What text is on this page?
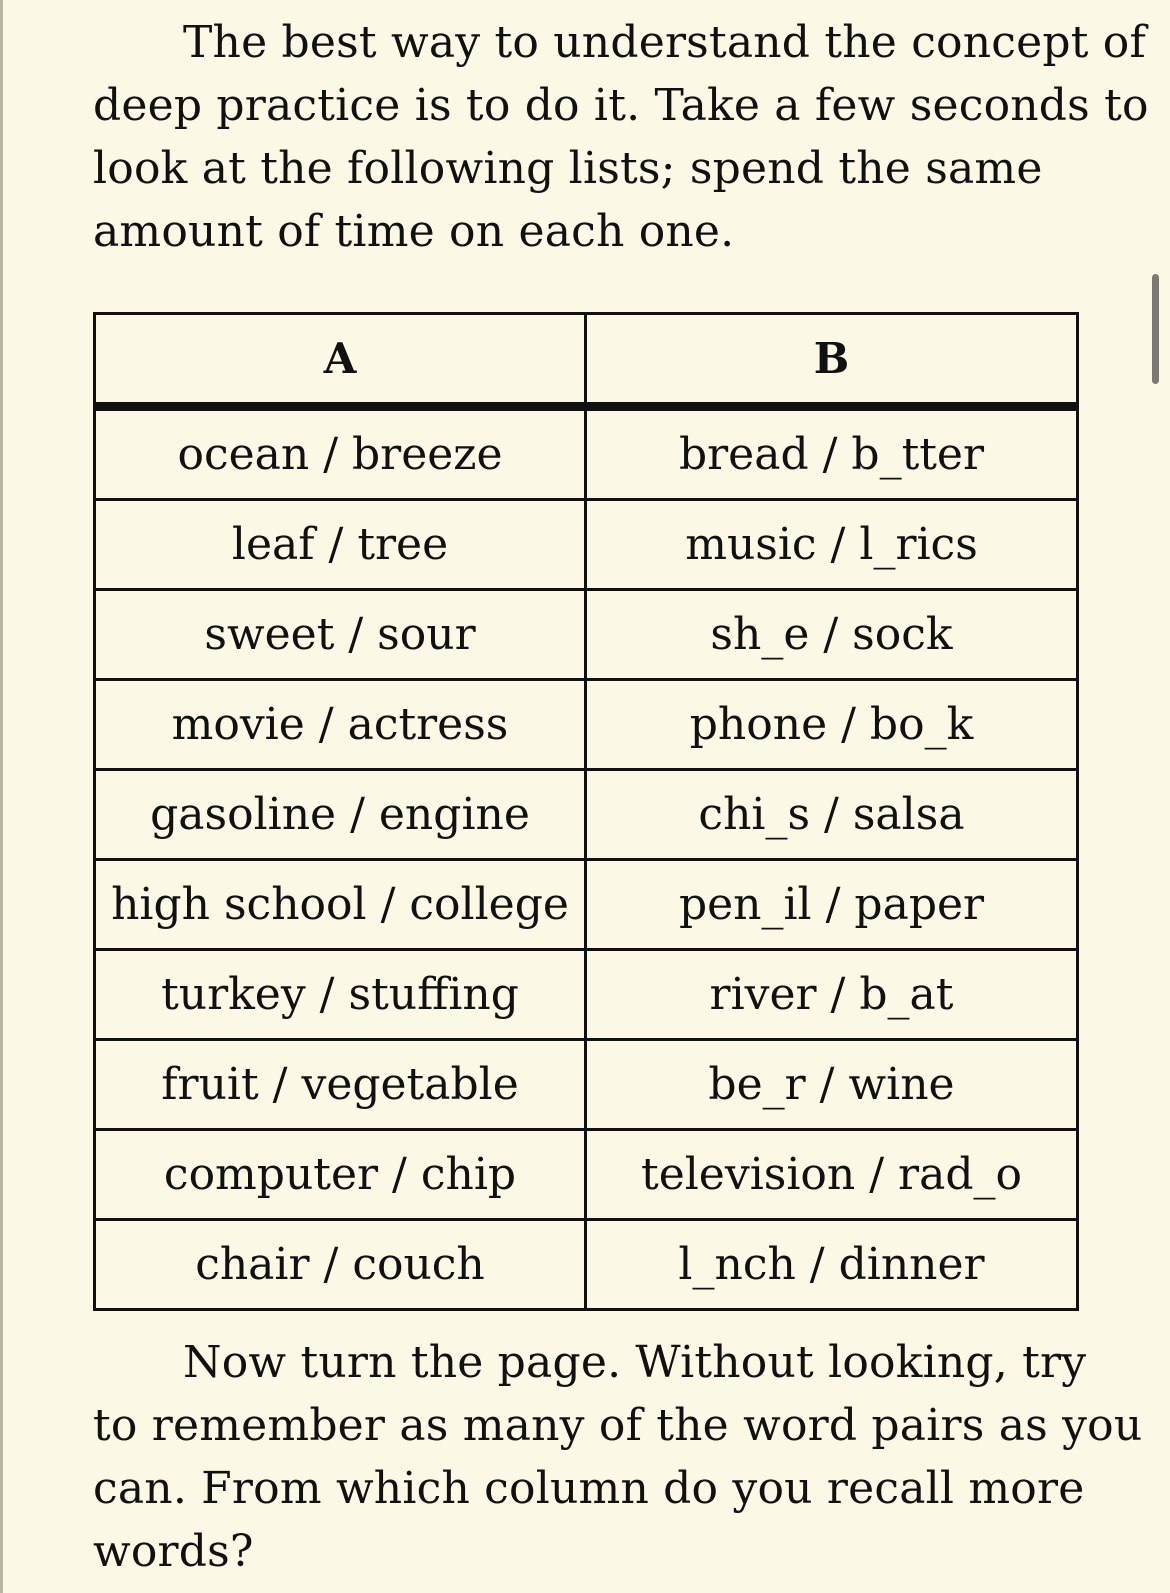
The best way to understand the concept of
deep practice is to do it. Take a few seconds to
look at the following lists; spend the same
amount of time on each one.

A	B
ocean / breeze	bread / b_tter
leaf / tree	music / l_rics
sweet / sour	sh_e / sock
movie / actress	phone / bo_k
gasoline / engine	chi_s / salsa
high school / college	pen_il / paper
turkey / stuffing	river / b_at
fruit / vegetable	be_r / wine
computer / chip	television / rad_o
chair / couch	l_nch / dinner

Now turn the page. Without looking, try
to remember as many of the word pairs as you
can. From which column do you recall more
words?
